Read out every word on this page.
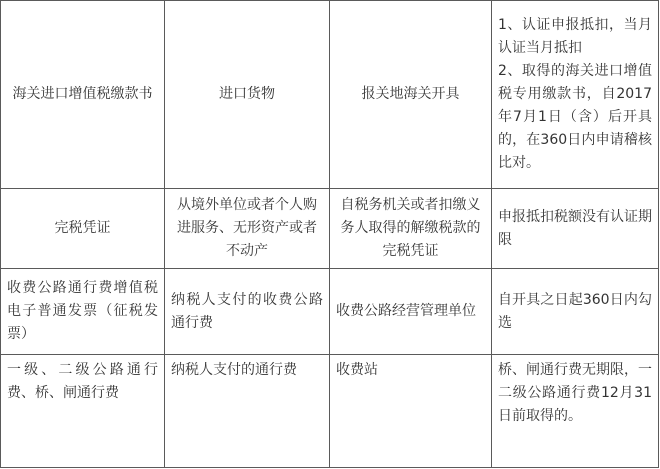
海关进口增值税缴款书	进口货物	报关地海关开具	1、认证申报抵扣，当月认证当月抵扣
2、取得的海关进口增值税专用缴款书，自2017年7月1日（含）后开具的，在360日内申请稽核比对。
完税凭证	从境外单位或者个人购进服务、无形资产或者不动产	自税务机关或者扣缴义务人取得的解缴税款的完税凭证	申报抵扣税额没有认证期限
收费公路通行费增值税电子普通发票（征税发票）	纳税人支付的收费公路通行费	收费公路经营管理单位	自开具之日起360日内勾选
一级、二级公路通行费、桥、闸通行费	纳税人支付的通行费	收费站	桥、闸通行费无期限，一二级公路通行费12月31日前取得的。
